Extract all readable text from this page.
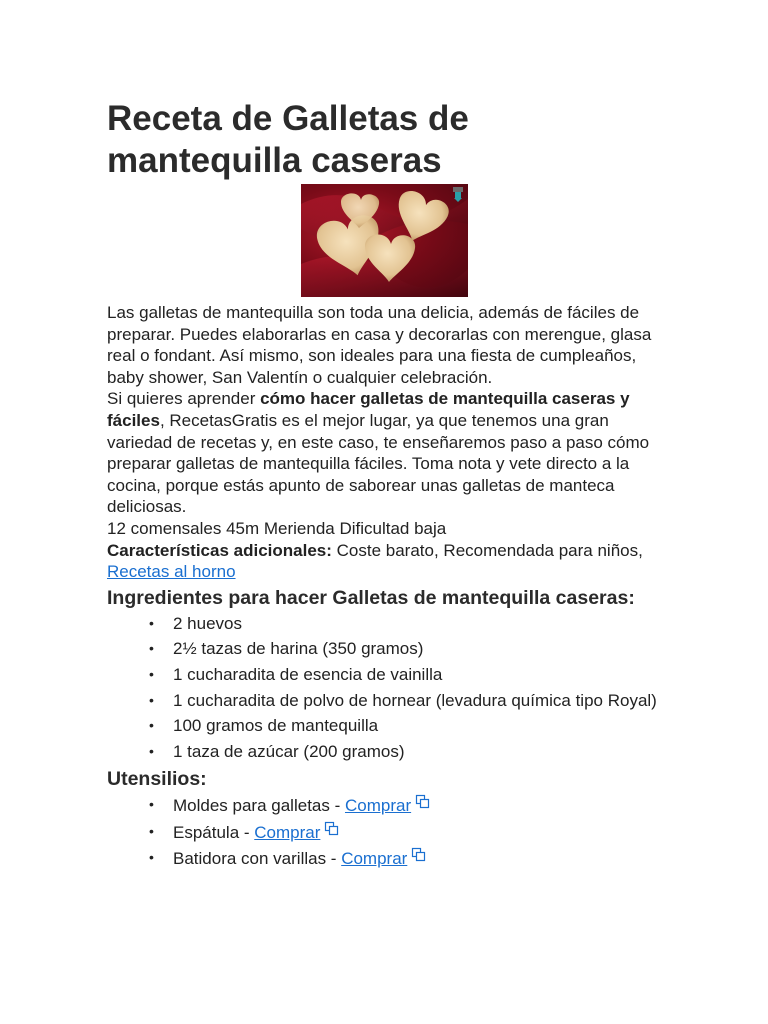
Receta de Galletas de mantequilla caseras

Las galletas de mantequilla son toda una delicia, además de fáciles de preparar. Puedes elaborarlas en casa y decorarlas con merengue, glasa real o fondant. Así mismo, son ideales para una fiesta de cumpleaños, baby shower, San Valentín o cualquier celebración.

Si quieres aprender cómo hacer galletas de mantequilla caseras y fáciles, RecetasGratis es el mejor lugar, ya que tenemos una gran variedad de recetas y, en este caso, te enseñaremos paso a paso cómo preparar galletas de mantequilla fáciles. Toma nota y vete directo a la cocina, porque estás apunto de saborear unas galletas de manteca deliciosas.

12 comensales 45m Merienda Dificultad baja

Características adicionales: Coste barato, Recomendada para niños, Recetas al horno

Ingredientes para hacer Galletas de mantequilla caseras:
• 2 huevos
• 2½ tazas de harina (350 gramos)
• 1 cucharadita de esencia de vainilla
• 1 cucharadita de polvo de hornear (levadura química tipo Royal)
• 100 gramos de mantequilla
• 1 taza de azúcar (200 gramos)
Utensilios:
• Moldes para galletas - Comprar
• Espátula - Comprar
• Batidora con varillas - Comprar
